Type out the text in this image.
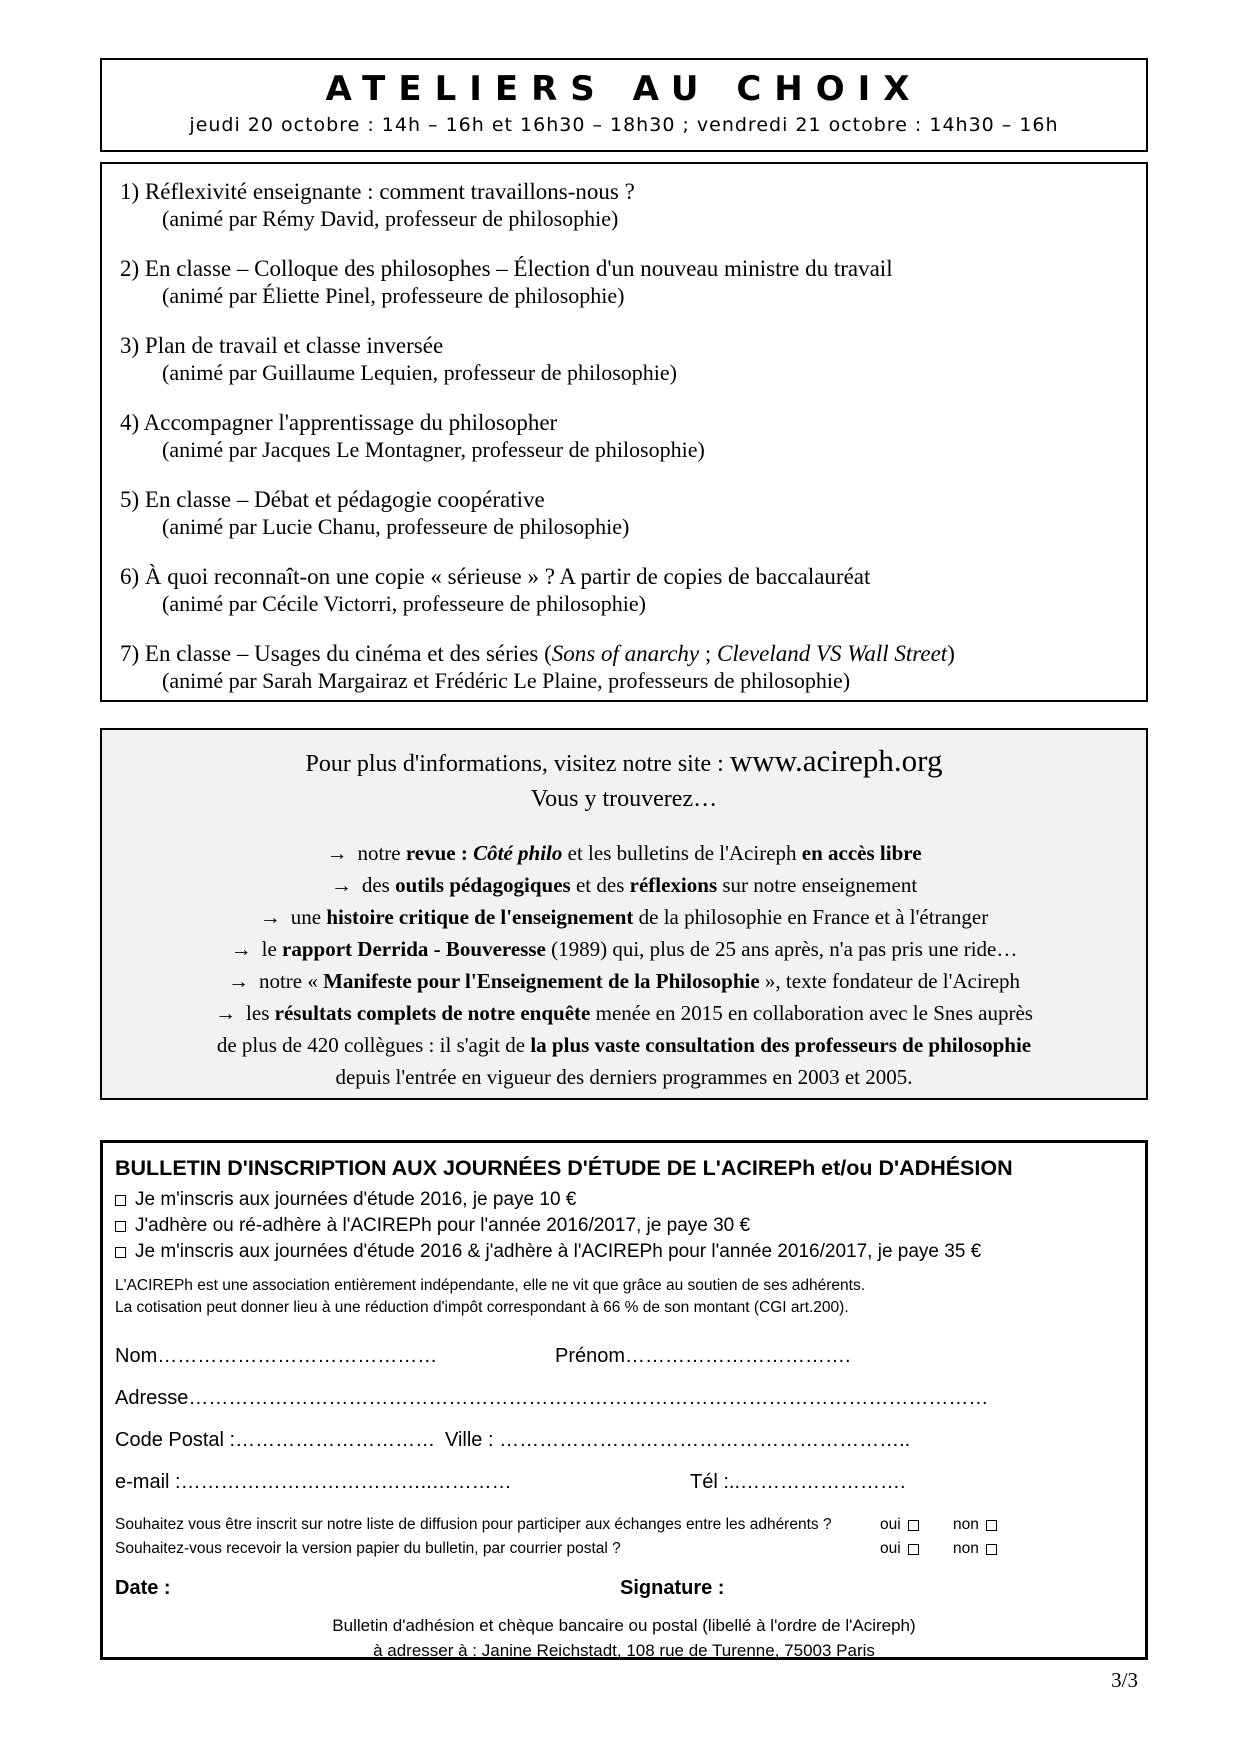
ATELIERS AU CHOIX
jeudi 20 octobre : 14h – 16h et 16h30 – 18h30 ; vendredi 21 octobre : 14h30 – 16h
1) Réflexivité enseignante : comment travaillons-nous ?
(animé par Rémy David, professeur de philosophie)
2) En classe – Colloque des philosophes – Élection d'un nouveau ministre du travail
(animé par Éliette Pinel, professeure de philosophie)
3) Plan de travail et classe inversée
(animé par Guillaume Lequien, professeur de philosophie)
4) Accompagner l'apprentissage du philosopher
(animé par Jacques Le Montagner, professeur de philosophie)
5) En classe – Débat et pédagogie coopérative
(animé par Lucie Chanu, professeure de philosophie)
6) À quoi reconnaît-on une copie « sérieuse » ? A partir de copies de baccalauréat
(animé par Cécile Victorri, professeure de philosophie)
7) En classe – Usages du cinéma et des séries (Sons of anarchy ; Cleveland VS Wall Street)
(animé par Sarah Margairaz et Frédéric Le Plaine, professeurs de philosophie)
Pour plus d'informations, visitez notre site : www.acireph.org
Vous y trouverez…
→ notre revue : Côté philo et les bulletins de l'Acireph en accès libre
→ des outils pédagogiques et des réflexions sur notre enseignement
→ une histoire critique de l'enseignement de la philosophie en France et à l'étranger
→ le rapport Derrida - Bouveresse (1989) qui, plus de 25 ans après, n'a pas pris une ride…
→ notre « Manifeste pour l'Enseignement de la Philosophie », texte fondateur de l'Acireph
→ les résultats complets de notre enquête menée en 2015 en collaboration avec le Snes auprès
de plus de 420 collègues : il s'agit de la plus vaste consultation des professeurs de philosophie
depuis l'entrée en vigueur des derniers programmes en 2003 et 2005.
BULLETIN D'INSCRIPTION AUX JOURNÉES D'ÉTUDE DE L'ACIREPh et/ou D'ADHÉSION
Je m'inscris aux journées d'étude 2016, je paye 10 €
J'adhère ou ré-adhère à l'ACIREPh pour l'année 2016/2017, je paye 30 €
Je m'inscris aux journées d'étude 2016 & j'adhère à l'ACIREPh pour l'année 2016/2017, je paye 35 €
L'ACIREPh est une association entièrement indépendante, elle ne vit que grâce au soutien de ses adhérents.
La cotisation peut donner lieu à une réduction d'impôt correspondant à 66 % de son montant (CGI art.200).
Nom……………………………………	Prénom…………………………….
Adresse…………………………………………………………………………………………………………
Code Postal :………………………… Ville : ……………………………………………………..
e-mail :………………………………..…………	Tél :..…………………….
Souhaitez vous être inscrit sur notre liste de diffusion pour participer aux échanges entre les adhérents ?	oui	non
Souhaitez-vous recevoir la version papier du bulletin, par courrier postal ?	oui	non
Date :	Signature :
Bulletin d'adhésion et chèque bancaire ou postal (libellé à l'ordre de l'Acireph)
à adresser à : Janine Reichstadt, 108 rue de Turenne, 75003 Paris
3/3
